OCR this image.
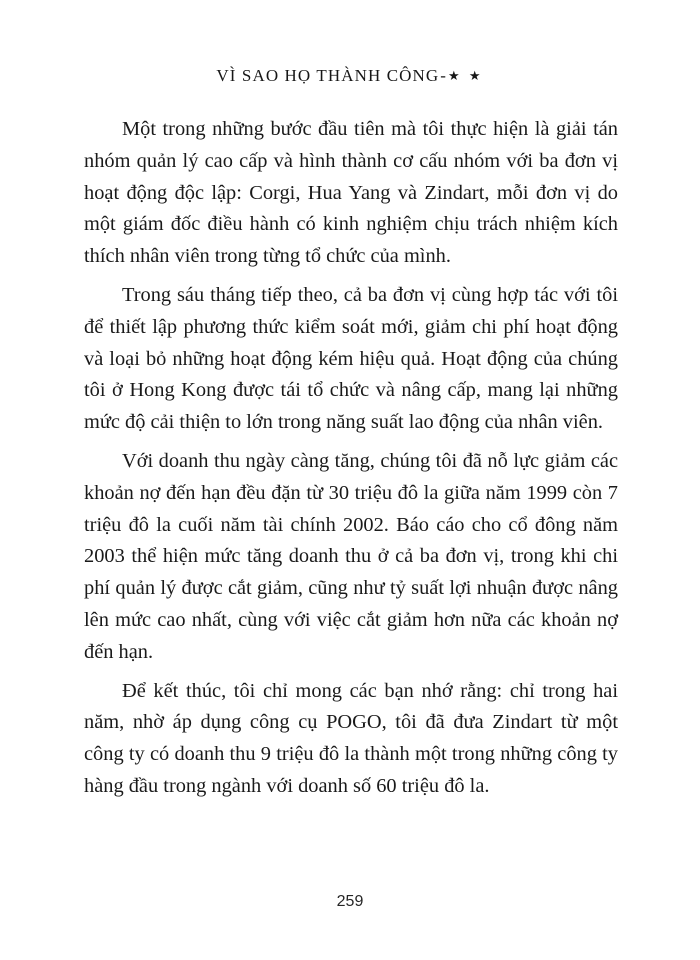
VÌ SAO HỌ THÀNH CÔNG-★ ★

Một trong những bước đầu tiên mà tôi thực hiện là giải tán nhóm quản lý cao cấp và hình thành cơ cấu nhóm với ba đơn vị hoạt động độc lập: Corgi, Hua Yang và Zindart, mỗi đơn vị do một giám đốc điều hành có kinh nghiệm chịu trách nhiệm kích thích nhân viên trong từng tổ chức của mình.

Trong sáu tháng tiếp theo, cả ba đơn vị cùng hợp tác với tôi để thiết lập phương thức kiểm soát mới, giảm chi phí hoạt động và loại bỏ những hoạt động kém hiệu quả. Hoạt động của chúng tôi ở Hong Kong được tái tổ chức và nâng cấp, mang lại những mức độ cải thiện to lớn trong năng suất lao động của nhân viên.

Với doanh thu ngày càng tăng, chúng tôi đã nỗ lực giảm các khoản nợ đến hạn đều đặn từ 30 triệu đô la giữa năm 1999 còn 7 triệu đô la cuối năm tài chính 2002. Báo cáo cho cổ đông năm 2003 thể hiện mức tăng doanh thu ở cả ba đơn vị, trong khi chi phí quản lý được cắt giảm, cũng như tỷ suất lợi nhuận được nâng lên mức cao nhất, cùng với việc cắt giảm hơn nữa các khoản nợ đến hạn.

Để kết thúc, tôi chỉ mong các bạn nhớ rằng: chỉ trong hai năm, nhờ áp dụng công cụ POGO, tôi đã đưa Zindart từ một công ty có doanh thu 9 triệu đô la thành một trong những công ty hàng đầu trong ngành với doanh số 60 triệu đô la.

259
